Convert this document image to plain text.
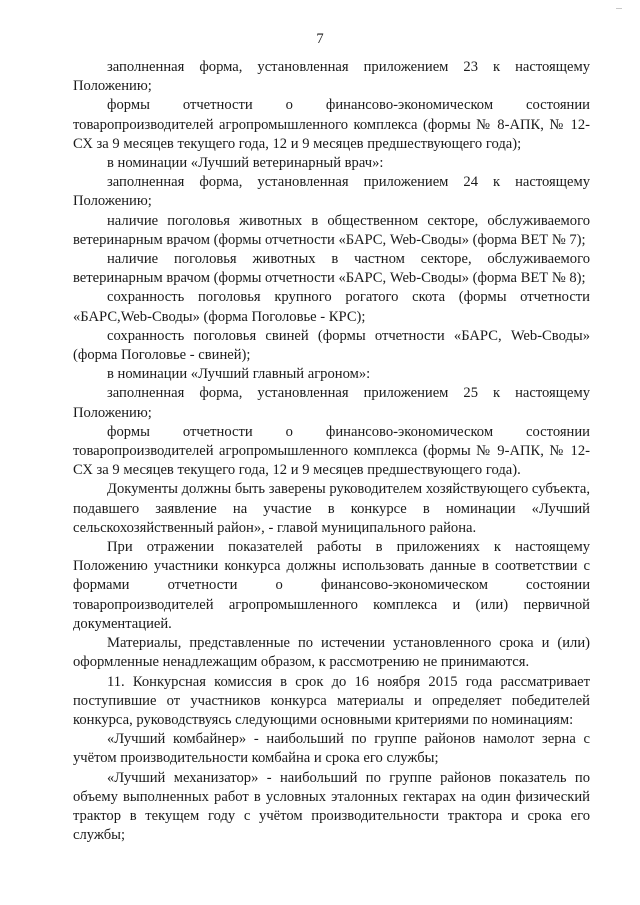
7

заполненная форма, установленная приложением 23 к настоящему Положению;

формы отчетности о финансово-экономическом состоянии товаропроизводителей агропромышленного комплекса (формы № 8-АПК, № 12-СХ за 9 месяцев текущего года, 12 и 9 месяцев предшествующего года);

в номинации «Лучший ветеринарный врач»:

заполненная форма, установленная приложением 24 к настоящему Положению;

наличие поголовья животных в общественном секторе, обслуживаемого ветеринарным врачом (формы отчетности «БАРС, Web-Своды» (форма ВЕТ № 7);

наличие поголовья животных в частном секторе, обслуживаемого ветеринарным врачом (формы отчетности «БАРС, Web-Своды» (форма ВЕТ № 8);

сохранность поголовья крупного рогатого скота (формы отчетности «БАРС,Web-Своды» (форма Поголовье - КРС);

сохранность поголовья свиней (формы отчетности «БАРС, Web-Своды» (форма Поголовье - свиней);

в номинации «Лучший главный агроном»:

заполненная форма, установленная приложением 25 к настоящему Положению;

формы отчетности о финансово-экономическом состоянии товаропроизводителей агропромышленного комплекса (формы № 9-АПК, № 12-СХ за 9 месяцев текущего года, 12 и 9 месяцев предшествующего года).

Документы должны быть заверены руководителем хозяйствующего субъекта, подавшего заявление на участие в конкурсе в номинации «Лучший сельскохозяйственный район», - главой муниципального района.

При отражении показателей работы в приложениях к настоящему Положению участники конкурса должны использовать данные в соответствии с формами отчетности о финансово-экономическом состоянии товаропроизводителей агропромышленного комплекса и (или) первичной документацией.

Материалы, представленные по истечении установленного срока и (или) оформленные ненадлежащим образом, к рассмотрению не принимаются.

11. Конкурсная комиссия в срок до 16 ноября 2015 года рассматривает поступившие от участников конкурса материалы и определяет победителей конкурса, руководствуясь следующими основными критериями по номинациям:

«Лучший комбайнер» - наибольший по группе районов намолот зерна с учётом производительности комбайна и срока его службы;

«Лучший механизатор» - наибольший по группе районов показатель по объему выполненных работ в условных эталонных гектарах на один физический трактор в текущем году с учётом производительности трактора и срока его службы;
